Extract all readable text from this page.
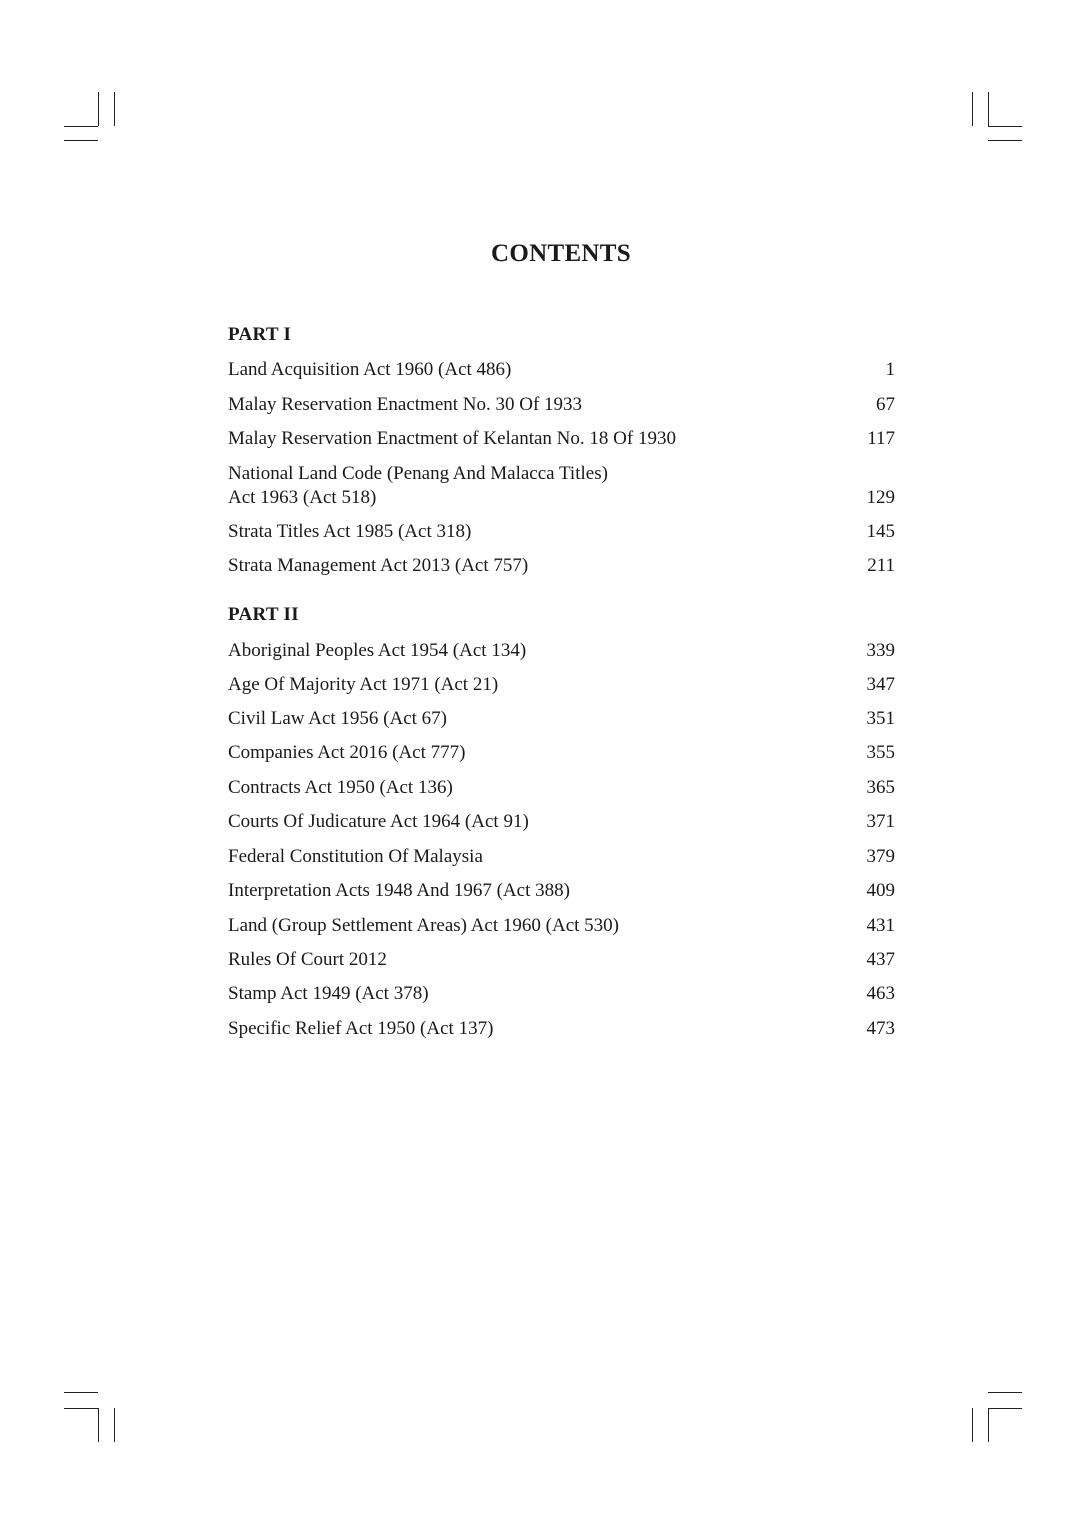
CONTENTS
PART I
Land Acquisition Act 1960 (Act 486)	1
Malay Reservation Enactment No. 30 Of 1933	67
Malay Reservation Enactment of Kelantan No. 18 Of 1930	117
National Land Code (Penang And Malacca Titles)
Act 1963 (Act 518)	129
Strata Titles Act 1985 (Act 318)	145
Strata Management Act 2013 (Act 757)	211
PART II
Aboriginal Peoples Act 1954 (Act 134)	339
Age Of Majority Act 1971 (Act 21)	347
Civil Law Act 1956 (Act 67)	351
Companies Act 2016 (Act 777)	355
Contracts Act 1950 (Act 136)	365
Courts Of Judicature Act 1964 (Act 91)	371
Federal Constitution Of Malaysia	379
Interpretation Acts 1948 And 1967 (Act 388)	409
Land (Group Settlement Areas) Act 1960 (Act 530)	431
Rules Of Court 2012	437
Stamp Act 1949 (Act 378)	463
Specific Relief Act 1950 (Act 137)	473
